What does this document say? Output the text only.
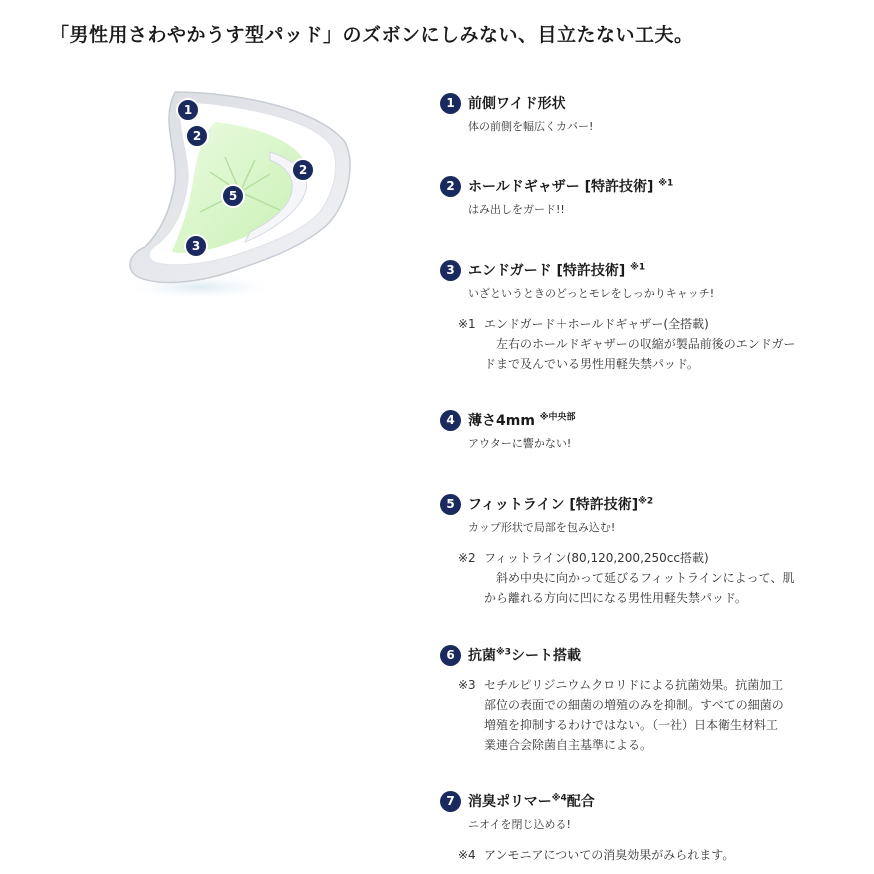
「男性用さわやかうす型パッド」のズボンにしみない、目立たない工夫。
1
2
2
5
3
1 前側ワイド形状
体の前側を幅広くカバー!
2 ホールドギャザー [特許技術] $^{※1}$
はみ出しをガード!!
3 エンドガード [特許技術] $^{※1}$
いざというときのどっとモレをしっかりキャッチ!
※1 エンドガード＋ホールドギャザー(全搭載)
　左右のホールドギャザーの収縮が製品前後のエンドガー
ドまで及んでいる男性用軽失禁パッド。
4 薄さ4mm $^{※中央部}$
アウターに響かない!
5 フィットライン [特許技術]$^{※2}$
カップ形状で局部を包み込む!
※2 フィットライン(80,120,200,250cc搭載)
　斜め中央に向かって延びるフィットラインによって、肌
から離れる方向に凹になる男性用軽失禁パッド。
6 抗菌$^{※3}$シート搭載
※3 セチルピリジニウムクロリドによる抗菌効果。抗菌加工
部位の表面での細菌の増殖のみを抑制。すべての細菌の
増殖を抑制するわけではない。（一社）日本衛生材料工
業連合会除菌自主基準による。
7 消臭ポリマー$^{※4}$配合
ニオイを閉じ込める!
※4 アンモニアについての消臭効果がみられます。
